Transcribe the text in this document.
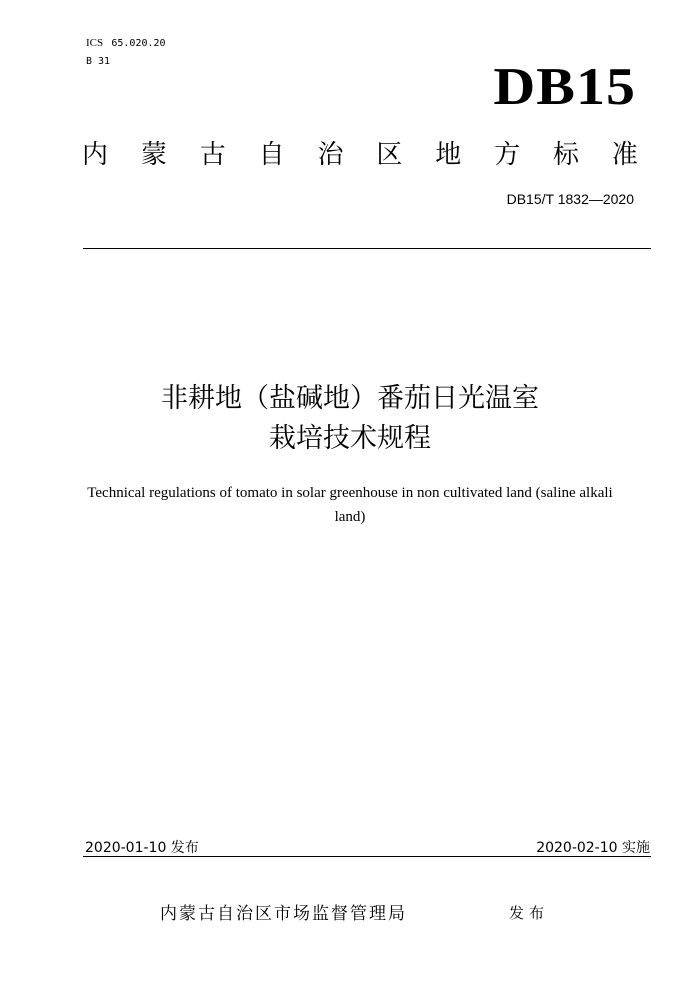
ICS 65.020.20
B 31	DB15
内 蒙 古 自 治 区 地 方 标 准
DB15/T 1832—2020
非耕地（盐碱地）番茄日光温室
栽培技术规程
Technical regulations of tomato in solar greenhouse in non cultivated land (saline alkali land)
2020-01-10 发布	2020-02-10 实施
内蒙古自治区市场监督管理局	发布
